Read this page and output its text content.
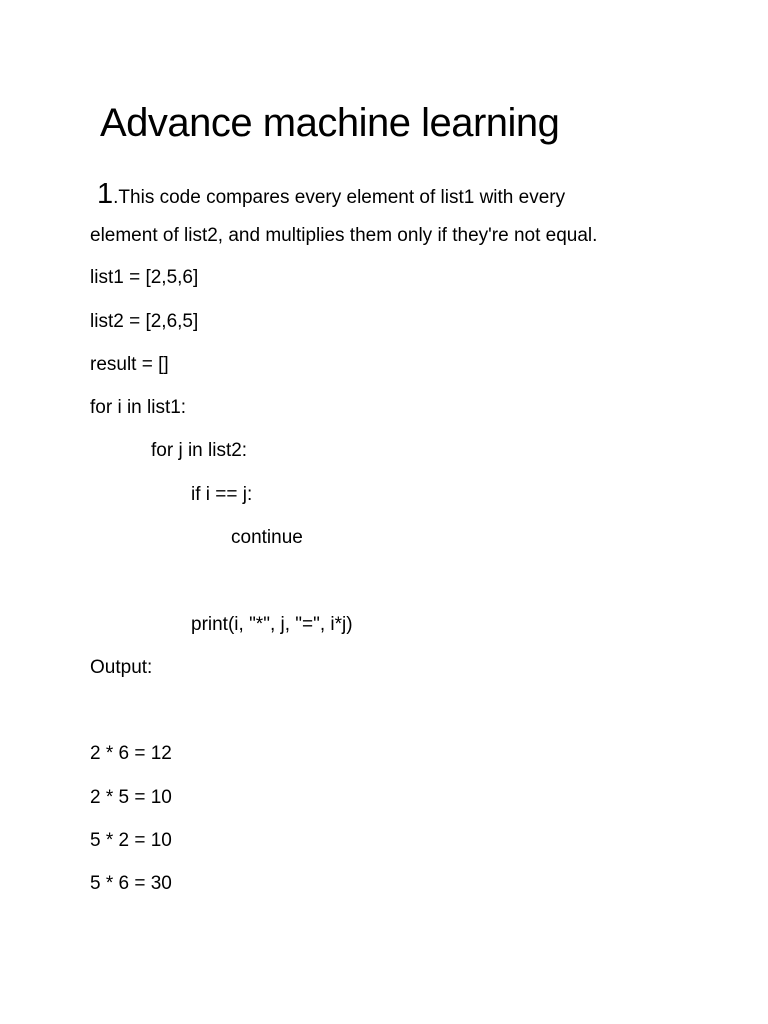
Advance machine learning
1.This code compares every element of list1 with every
element of list2, and multiplies them only if they're not equal.
list1 = [2,5,6]
list2 = [2,6,5]
result = []
for i in list1:
for j in list2:
if i == j:
continue
print(i, "*", j, "=", i*j)
Output:
2 * 6 = 12
2 * 5 = 10
5 * 2 = 10
5 * 6 = 30
